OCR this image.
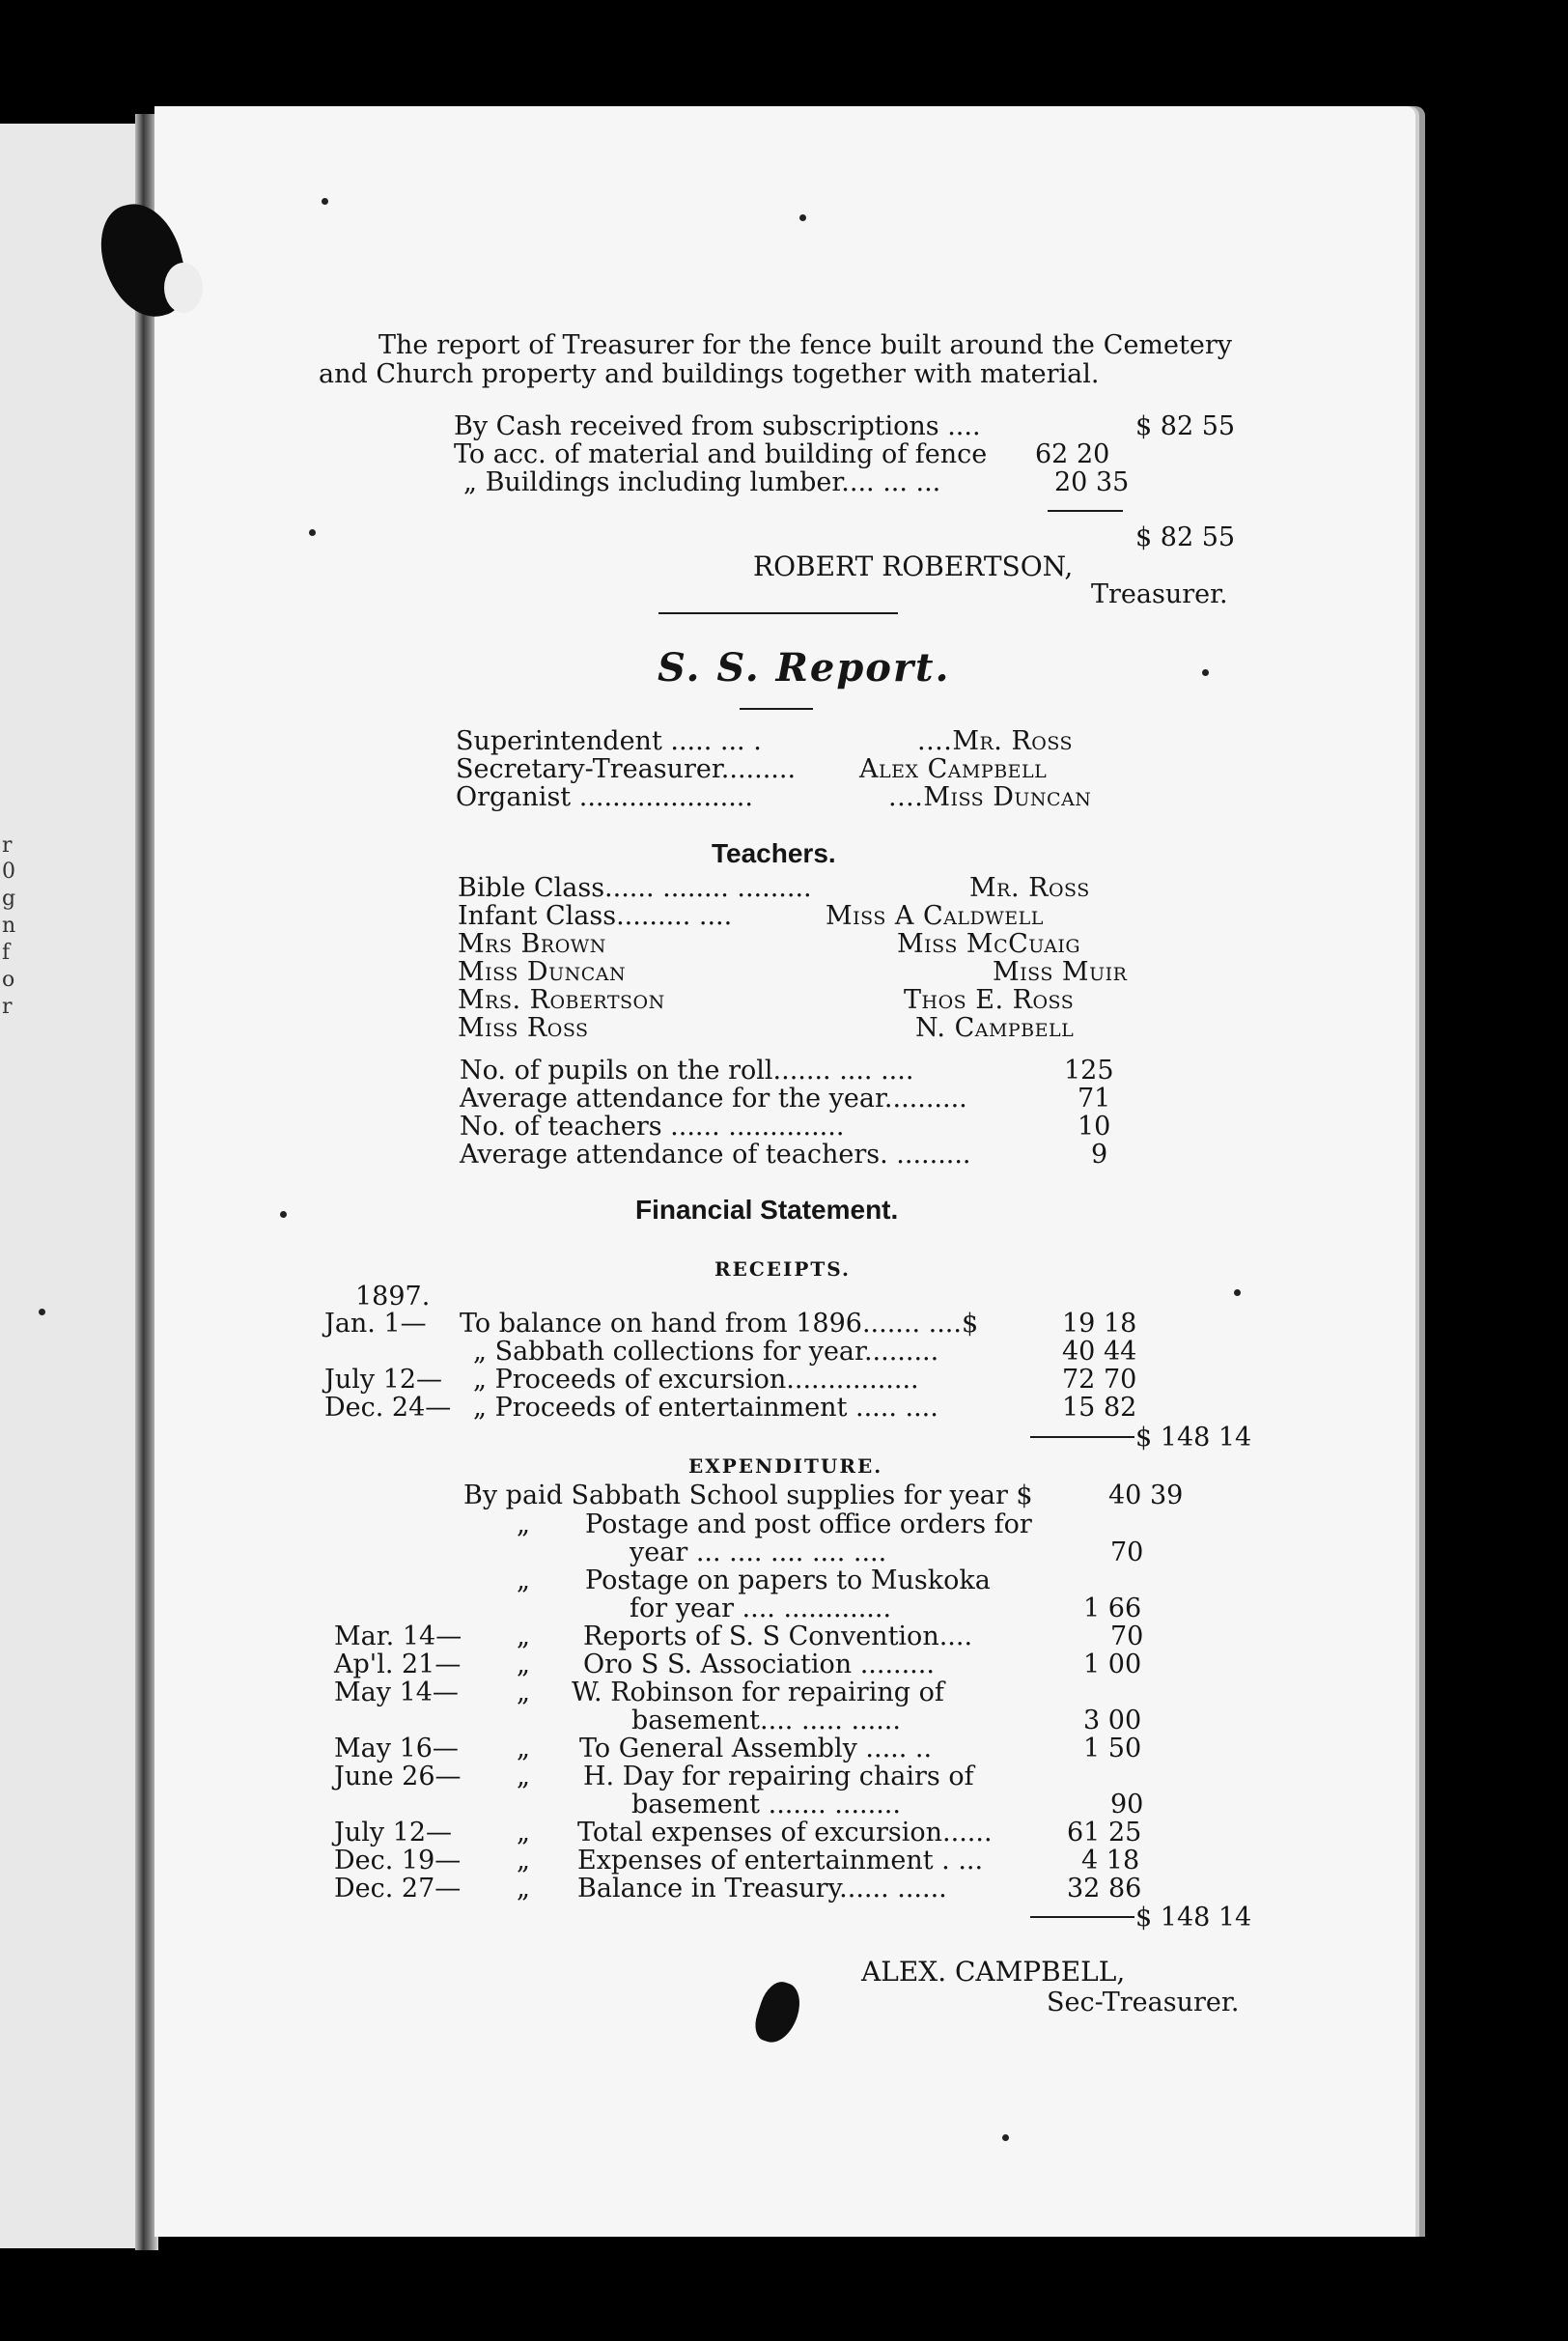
r
0
g
n
f
o
r

The report of Treasurer for the fence built around the Cemetery and Church property and buildings together with material.

By Cash received from subscriptions ....	$ 82 55
To acc. of material and building of fence 62 20
„ Buildings including lumber.... ... ...	20 35
$ 82 55
ROBERT ROBERTSON,
Treasurer.
S. S. Report.
Superintendent ..... ... .	....Mr. Ross
Secretary-Treasurer......... Alex Campbell
Organist .....................	....Miss Duncan
Teachers.
Bible Class...... ........ .........	Mr. Ross
Infant Class......... ....	Miss A Caldwell
Mrs Brown	Miss McCuaig
Miss Duncan	Miss Muir
Mrs. Robertson	Thos E. Ross
Miss Ross	N. Campbell
No. of pupils on the roll....... .... ....	125
Average attendance for the year..........	71
No. of teachers ...... ..............	10
Average attendance of teachers. .........	9
Financial Statement.
RECEIPTS.
1897.
Jan. 1— To balance on hand from 1896....... ....$	19 18
„ Sabbath collections for year.........	40 44
July 12— „ Proceeds of excursion................	72 70
Dec. 24— „ Proceeds of entertainment ..... ....	15 82
$ 148 14
EXPENDITURE.
By paid Sabbath School supplies for year $	40 39
„ Postage and post office orders for
year ... .... .... .... ....	70
„ Postage on papers to Muskoka
for year .... .............	1 66
Mar. 14— „ Reports of S. S Convention....	70
Ap'l. 21— „ Oro S S. Association .........	1 00
May 14— „ W. Robinson for repairing of
basement.... ..... ......	3 00
May 16— „ To General Assembly ..... ..	1 50
June 26— „ H. Day for repairing chairs of
basement ....... ........	90
July 12— „ Total expenses of excursion......	61 25
Dec. 19— „ Expenses of entertainment . ...	4 18
Dec. 27— „ Balance in Treasury...... ......	32 86
$ 148 14
ALEX. CAMPBELL,
Sec-Treasurer.
